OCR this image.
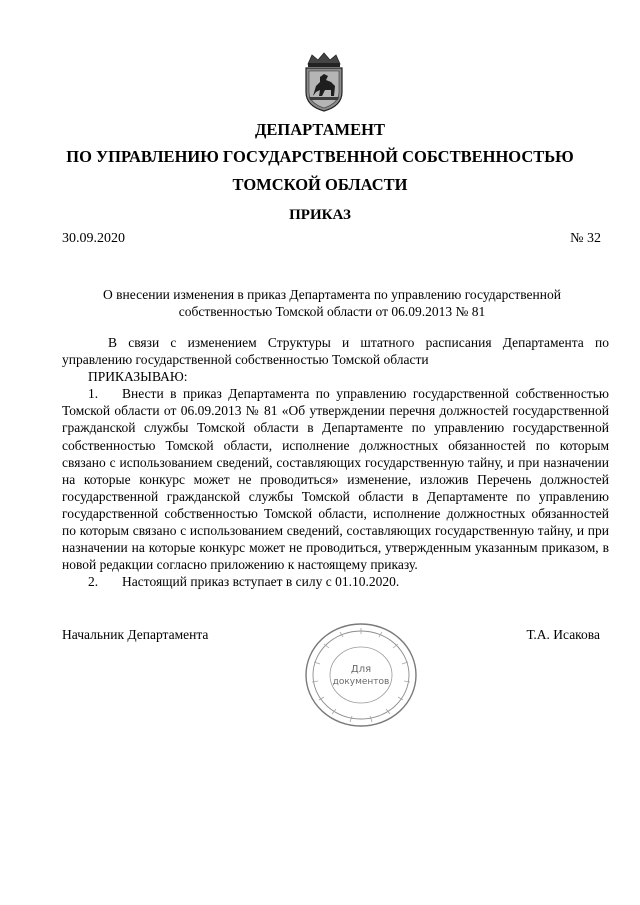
ДЕПАРТАМЕНТ
ПО УПРАВЛЕНИЮ ГОСУДАРСТВЕННОЙ СОБСТВЕННОСТЬЮ
ТОМСКОЙ ОБЛАСТИ
ПРИКАЗ
30.09.2020	№ 32
О внесении изменения в приказ Департамента по управлению государственной
собственностью Томской области от 06.09.2013 № 81

В связи с изменением Структуры и штатного расписания Департамента по управлению государственной собственностью Томской области

ПРИКАЗЫВАЮ:

1. Внести в приказ Департамента по управлению государственной собственностью Томской области от 06.09.2013 № 81 «Об утверждении перечня должностей государственной гражданской службы Томской области в Департаменте по управлению государственной собственностью Томской области, исполнение должностных обязанностей по которым связано с использованием сведений, составляющих государственную тайну, и при назначении на которые конкурс может не проводиться» изменение, изложив Перечень должностей государственной гражданской службы Томской области в Департаменте по управлению государственной собственностью Томской области, исполнение должностных обязанностей по которым связано с использованием сведений, составляющих государственную тайну, и при назначении на которые конкурс может не проводиться, утвержденным указанным приказом, в новой редакции согласно приложению к настоящему приказу.

2. Настоящий приказ вступает в силу с 01.10.2020.

Начальник Департамента	Т.А. Исакова
Для
документов
